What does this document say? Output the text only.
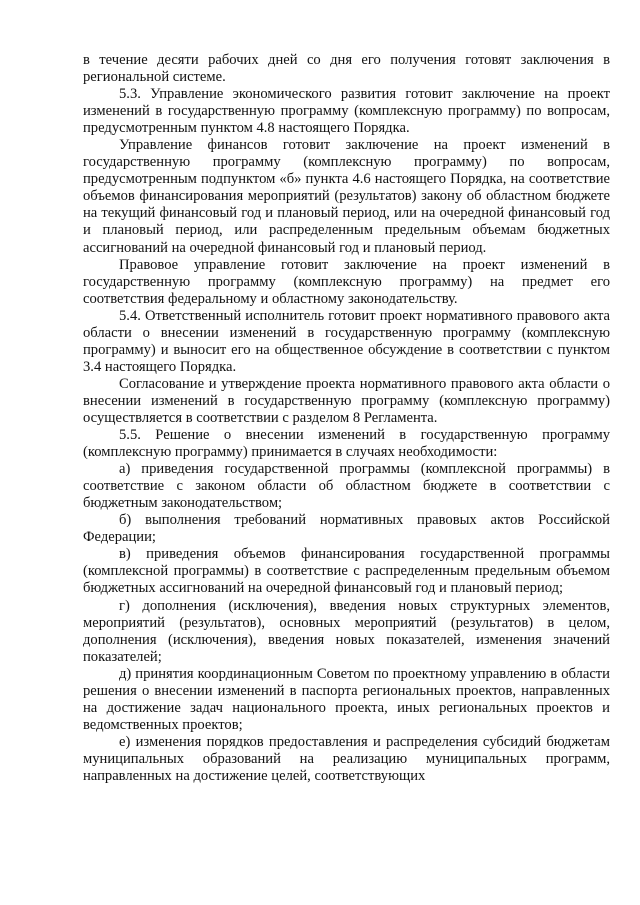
в течение десяти рабочих дней со дня его получения готовят заключения в региональной системе.

5.3. Управление экономического развития готовит заключение на проект изменений в государственную программу (комплексную программу) по вопросам, предусмотренным пунктом 4.8 настоящего Порядка.

Управление финансов готовит заключение на проект изменений в государственную программу (комплексную программу) по вопросам, предусмотренным подпунктом «б» пункта 4.6 настоящего Порядка, на соответствие объемов финансирования мероприятий (результатов) закону об областном бюджете на текущий финансовый год и плановый период, или на очередной финансовый год и плановый период, или распределенным предельным объемам бюджетных ассигнований на очередной финансовый год и плановый период.

Правовое управление готовит заключение на проект изменений в государственную программу (комплексную программу) на предмет его соответствия федеральному и областному законодательству.

5.4. Ответственный исполнитель готовит проект нормативного правового акта области о внесении изменений в государственную программу (комплексную программу) и выносит его на общественное обсуждение в соответствии с пунктом 3.4 настоящего Порядка.

Согласование и утверждение проекта нормативного правового акта области о внесении изменений в государственную программу (комплексную программу) осуществляется в соответствии с разделом 8 Регламента.

5.5. Решение о внесении изменений в государственную программу (комплексную программу) принимается в случаях необходимости:

а) приведения государственной программы (комплексной программы) в соответствие с законом области об областном бюджете в соответствии с бюджетным законодательством;

б) выполнения требований нормативных правовых актов Российской Федерации;

в) приведения объемов финансирования государственной программы (комплексной программы) в соответствие с распределенным предельным объемом бюджетных ассигнований на очередной финансовый год и плановый период;

г) дополнения (исключения), введения новых структурных элементов, мероприятий (результатов), основных мероприятий (результатов) в целом, дополнения (исключения), введения новых показателей, изменения значений показателей;

д) принятия координационным Советом по проектному управлению в области решения о внесении изменений в паспорта региональных проектов, направленных на достижение задач национального проекта, иных региональных проектов и ведомственных проектов;

е) изменения порядков предоставления и распределения субсидий бюджетам муниципальных образований на реализацию муниципальных программ, направленных на достижение целей, соответствующих
